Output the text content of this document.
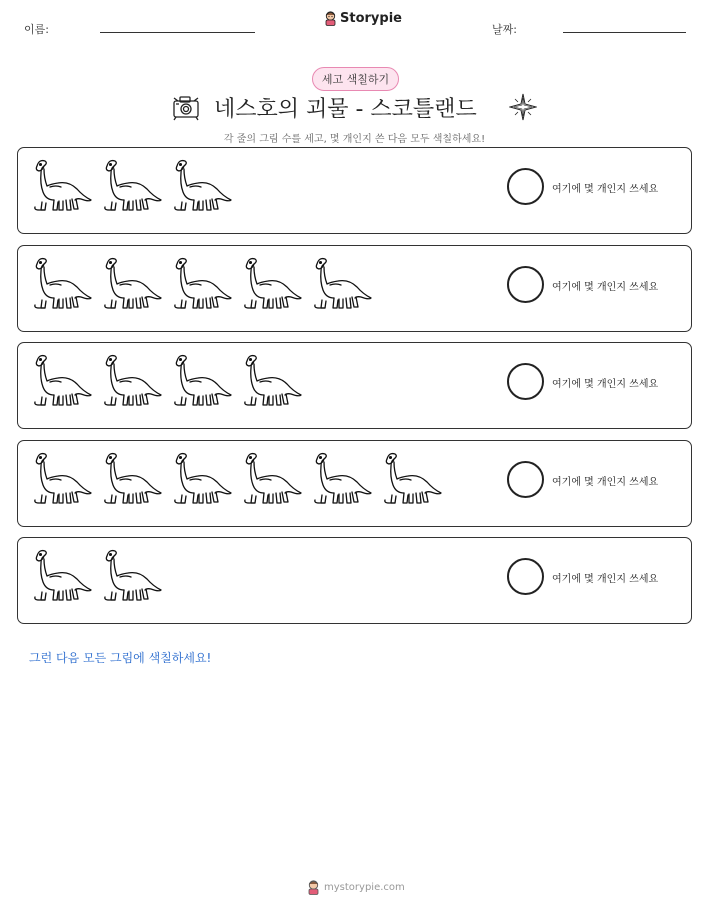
이름:
Storypie
날짜:
세고 색칠하기
네스호의 괴물 - 스코틀랜드
각 줄의 그림 수를 세고, 몇 개인지 쓴 다음 모두 색칠하세요!
여기에 몇 개인지 쓰세요
여기에 몇 개인지 쓰세요
여기에 몇 개인지 쓰세요
여기에 몇 개인지 쓰세요
여기에 몇 개인지 쓰세요
그런 다음 모든 그림에 색칠하세요!
mystorypie.com
